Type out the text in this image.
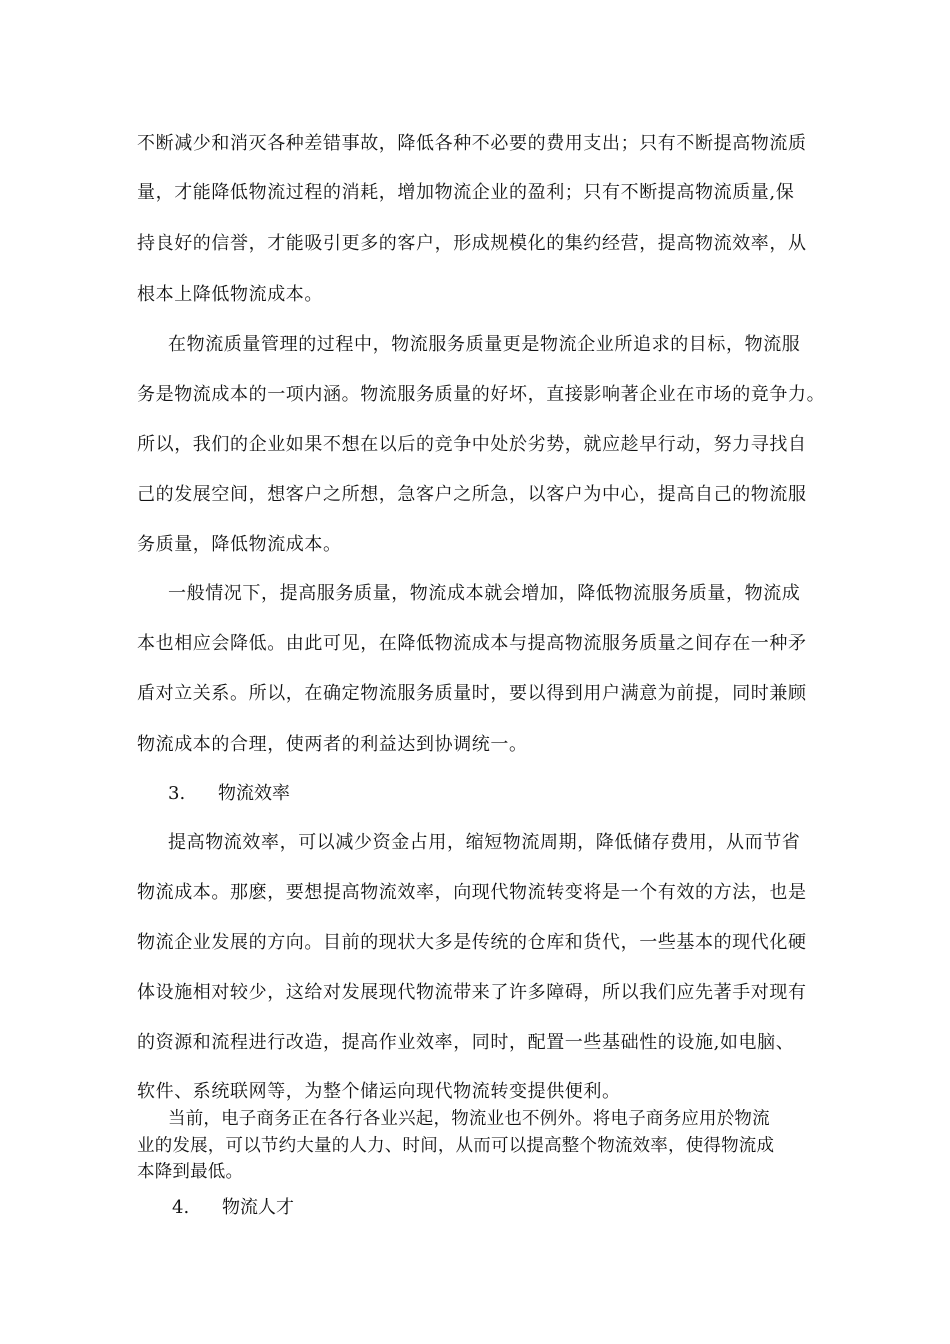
不断减少和消灭各种差错事故，降低各种不必要的费用支出；只有不断提高物流质
量，才能降低物流过程的消耗，增加物流企业的盈利；只有不断提高物流质量,保
持良好的信誉，才能吸引更多的客户，形成规模化的集约经营，提高物流效率，从
根本上降低物流成本。
在物流质量管理的过程中，物流服务质量更是物流企业所追求的目标，物流服
务是物流成本的一项内涵。物流服务质量的好坏，直接影响著企业在市场的竟争力。
所以，我们的企业如果不想在以后的竞争中处於劣势，就应趁早行动，努力寻找自
己的发展空间，想客户之所想，急客户之所急，以客户为中心，提高自己的物流服
务质量，降低物流成本。
一般情况下，提高服务质量，物流成本就会增加，降低物流服务质量，物流成
本也相应会降低。由此可见，在降低物流成本与提高物流服务质量之间存在一种矛
盾对立关系。所以，在确定物流服务质量时，要以得到用户满意为前提，同时兼顾
物流成本的合理，使两者的利益达到协调统一。
3. 物流效率
提高物流效率，可以减少资金占用，缩短物流周期，降低储存费用，从而节省
物流成本。那麽，要想提高物流效率，向现代物流转变将是一个有效的方法，也是
物流企业发展的方向。目前的现状大多是传统的仓库和货代，一些基本的现代化硬
体设施相对较少，这给对发展现代物流带来了许多障碍，所以我们应先著手对现有
的资源和流程进行改造，提高作业效率，同时，配置一些基础性的设施,如电脑、
软件、系统联网等，为整个储运向现代物流转变提供便利。
当前，电子商务正在各行各业兴起，物流业也不例外。将电子商务应用於物流
业的发展，可以节约大量的人力、时间，从而可以提高整个物流效率，使得物流成
本降到最低。
4. 物流人才
